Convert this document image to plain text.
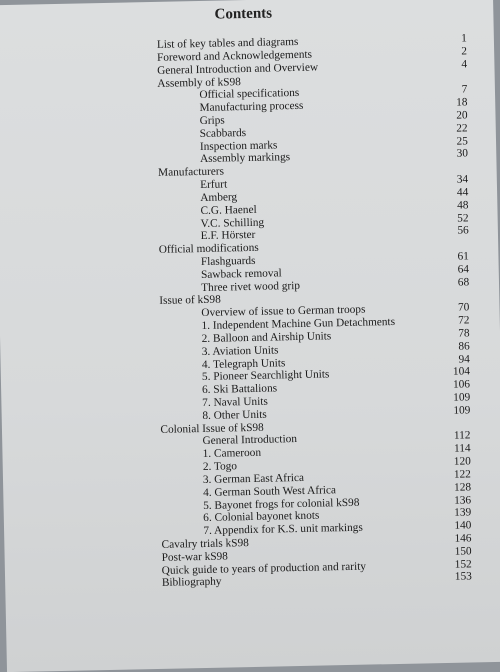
Contents
List of key tables and diagrams	1
Foreword and Acknowledgements	2
General Introduction and Overview	4
Assembly of kS98
Official specifications	7
Manufacturing process	18
Grips	20
Scabbards	22
Inspection marks	25
Assembly markings	30
Manufacturers
Erfurt	34
Amberg	44
C.G. Haenel	48
V.C. Schilling	52
E.F. Hörster	56
Official modifications
Flashguards	61
Sawback removal	64
Three rivet wood grip	68
Issue of kS98
Overview of issue to German troops	70
1. Independent Machine Gun Detachments	72
2. Balloon and Airship Units	78
3. Aviation Units	86
4. Telegraph Units	94
5. Pioneer Searchlight Units	104
6. Ski Battalions	106
7. Naval Units	109
8. Other Units	109
Colonial Issue of kS98
General Introduction	112
1. Cameroon	114
2. Togo	120
3. German East Africa	122
4. German South West Africa	128
5. Bayonet frogs for colonial kS98	136
6. Colonial bayonet knots	139
7. Appendix for K.S. unit markings	140
Cavalry trials kS98	146
Post-war kS98	150
Quick guide to years of production and rarity	152
Bibliography	153
